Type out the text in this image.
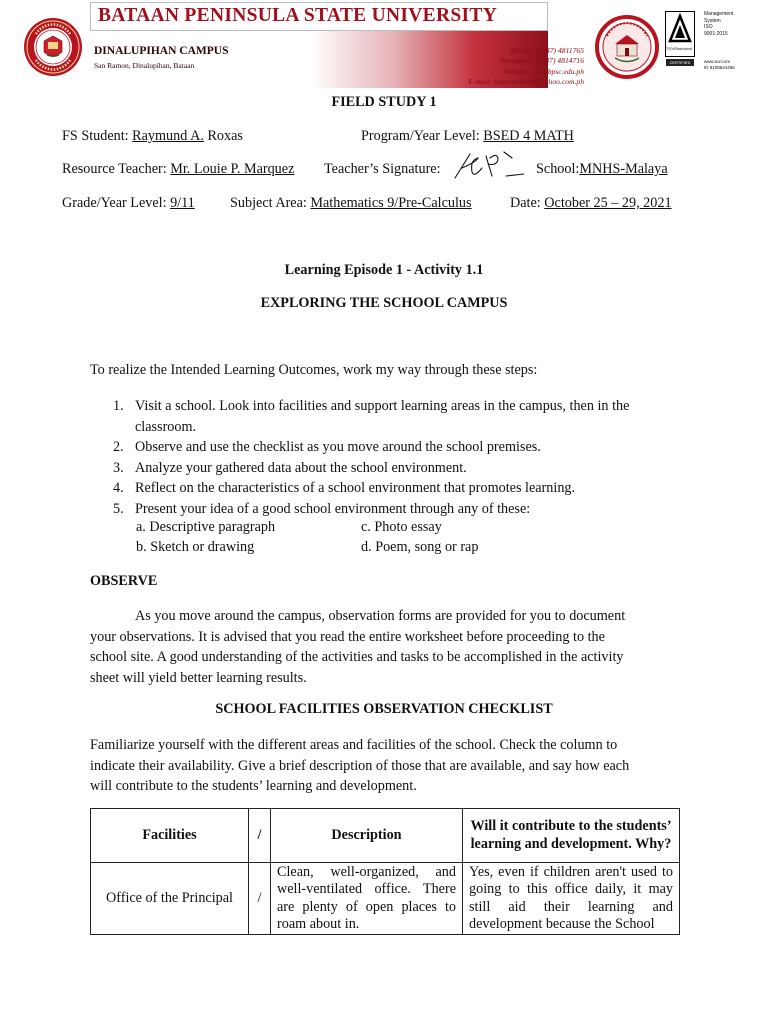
BATAAN PENINSULA STATE UNIVERSITY
DINALUPIHAN CAMPUS
San Ramon, Dinalupihan, Bataan
Telefax: (6347) 4811765
Telephone: (6347) 4814716
Website: www.bpsc.edu.ph
E-mail: bstpensstateu@yahoo.com.ph
TÜVRheinland
CERTIFIED
Management
System
ISO 9001:2015
www.tuv.com
ID 9108644456
FIELD STUDY 1
FS Student: Raymund A. Roxas	Program/Year Level: BSED 4 MATH
Resource Teacher: Mr. Louie P. Marquez Teacher’s Signature:	School:MNHS-Malaya
Grade/Year Level: 9/11 Subject Area: Mathematics 9/Pre-Calculus	Date: October 25 – 29, 2021
Learning Episode 1 - Activity 1.1
EXPLORING THE SCHOOL CAMPUS
To realize the Intended Learning Outcomes, work my way through these steps:
1. Visit a school. Look into facilities and support learning areas in the campus, then in the
classroom.
2. Observe and use the checklist as you move around the school premises.
3. Analyze your gathered data about the school environment.
4. Reflect on the characteristics of a school environment that promotes learning.
5. Present your idea of a good school environment through any of these:
a. Descriptive paragraph	c. Photo essay
b. Sketch or drawing	d. Poem, song or rap
OBSERVE
As you move around the campus, observation forms are provided for you to document
your observations. It is advised that you read the entire worksheet before proceeding to the
school site. A good understanding of the activities and tasks to be accomplished in the activity
sheet will yield better learning results.
SCHOOL FACILITIES OBSERVATION CHECKLIST
Familiarize yourself with the different areas and facilities of the school. Check the column to
indicate their availability. Give a brief description of those that are available, and say how each
will contribute to the students’ learning and development.
Facilities	/	Description	Will it contribute to the students’ learning and development. Why?
Office of the Principal	/	Clean, well-organized, and well-ventilated office. There are plenty of open places to roam about in.	Yes, even if children aren't used to going to this office daily, it may still aid their learning and development because the School
